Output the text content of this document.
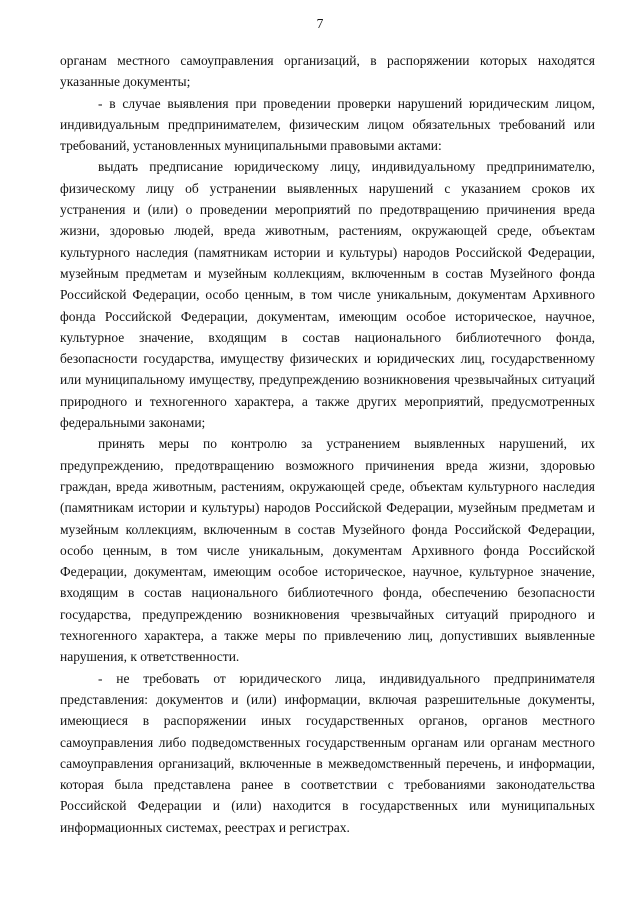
7

органам местного самоуправления организаций, в распоряжении которых находятся указанные документы;

- в случае выявления при проведении проверки нарушений юридическим лицом, индивидуальным предпринимателем, физическим лицом обязательных требований или требований, установленных муниципальными правовыми актами:

выдать предписание юридическому лицу, индивидуальному предпринимателю, физическому лицу об устранении выявленных нарушений с указанием сроков их устранения и (или) о проведении мероприятий по предотвращению причинения вреда жизни, здоровью людей, вреда животным, растениям, окружающей среде, объектам культурного наследия (памятникам истории и культуры) народов Российской Федерации, музейным предметам и музейным коллекциям, включенным в состав Музейного фонда Российской Федерации, особо ценным, в том числе уникальным, документам Архивного фонда Российской Федерации, документам, имеющим особое историческое, научное, культурное значение, входящим в состав национального библиотечного фонда, безопасности государства, имуществу физических и юридических лиц, государственному или муниципальному имуществу, предупреждению возникновения чрезвычайных ситуаций природного и техногенного характера, а также других мероприятий, предусмотренных федеральными законами;

принять меры по контролю за устранением выявленных нарушений, их предупреждению, предотвращению возможного причинения вреда жизни, здоровью граждан, вреда животным, растениям, окружающей среде, объектам культурного наследия (памятникам истории и культуры) народов Российской Федерации, музейным предметам и музейным коллекциям, включенным в состав Музейного фонда Российской Федерации, особо ценным, в том числе уникальным, документам Архивного фонда Российской Федерации, документам, имеющим особое историческое, научное, культурное значение, входящим в состав национального библиотечного фонда, обеспечению безопасности государства, предупреждению возникновения чрезвычайных ситуаций природного и техногенного характера, а также меры по привлечению лиц, допустивших выявленные нарушения, к ответственности.

- не требовать от юридического лица, индивидуального предпринимателя представления: документов и (или) информации, включая разрешительные документы, имеющиеся в распоряжении иных государственных органов, органов местного самоуправления либо подведомственных государственным органам или органам местного самоуправления организаций, включенные в межведомственный перечень, и информации, которая была представлена ранее в соответствии с требованиями законодательства Российской Федерации и (или) находится в государственных или муниципальных информационных системах, реестрах и регистрах.
